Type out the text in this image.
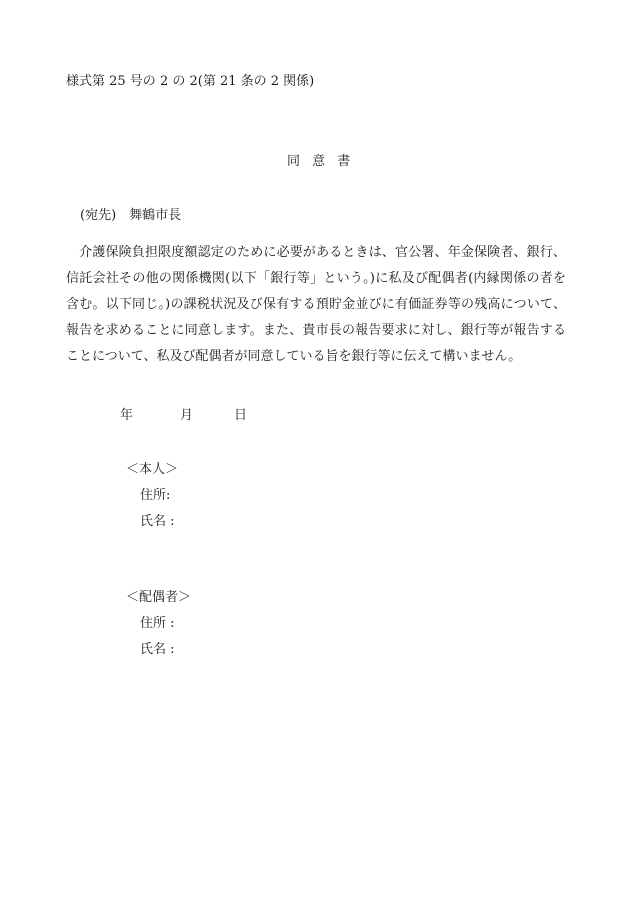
様式第 25 号の 2 の 2(第 21 条の 2 関係)
同 意 書
(宛先)　舞鶴市長

　介護保険負担限度額認定のために必要があるときは、官公署、年金保険者、銀行、信託会社その他の関係機関(以下「銀行等」という。)に私及び配偶者(内縁関係の者を含む。以下同じ。)の課税状況及び保有する預貯金並びに有価証券等の残高について、報告を求めることに同意します。また、貴市長の報告要求に対し、銀行等が報告することについて、私及び配偶者が同意している旨を銀行等に伝えて構いません。

年	月	日
＜本人＞
住所:
氏名 :
＜配偶者＞
住所 :
氏名 :
